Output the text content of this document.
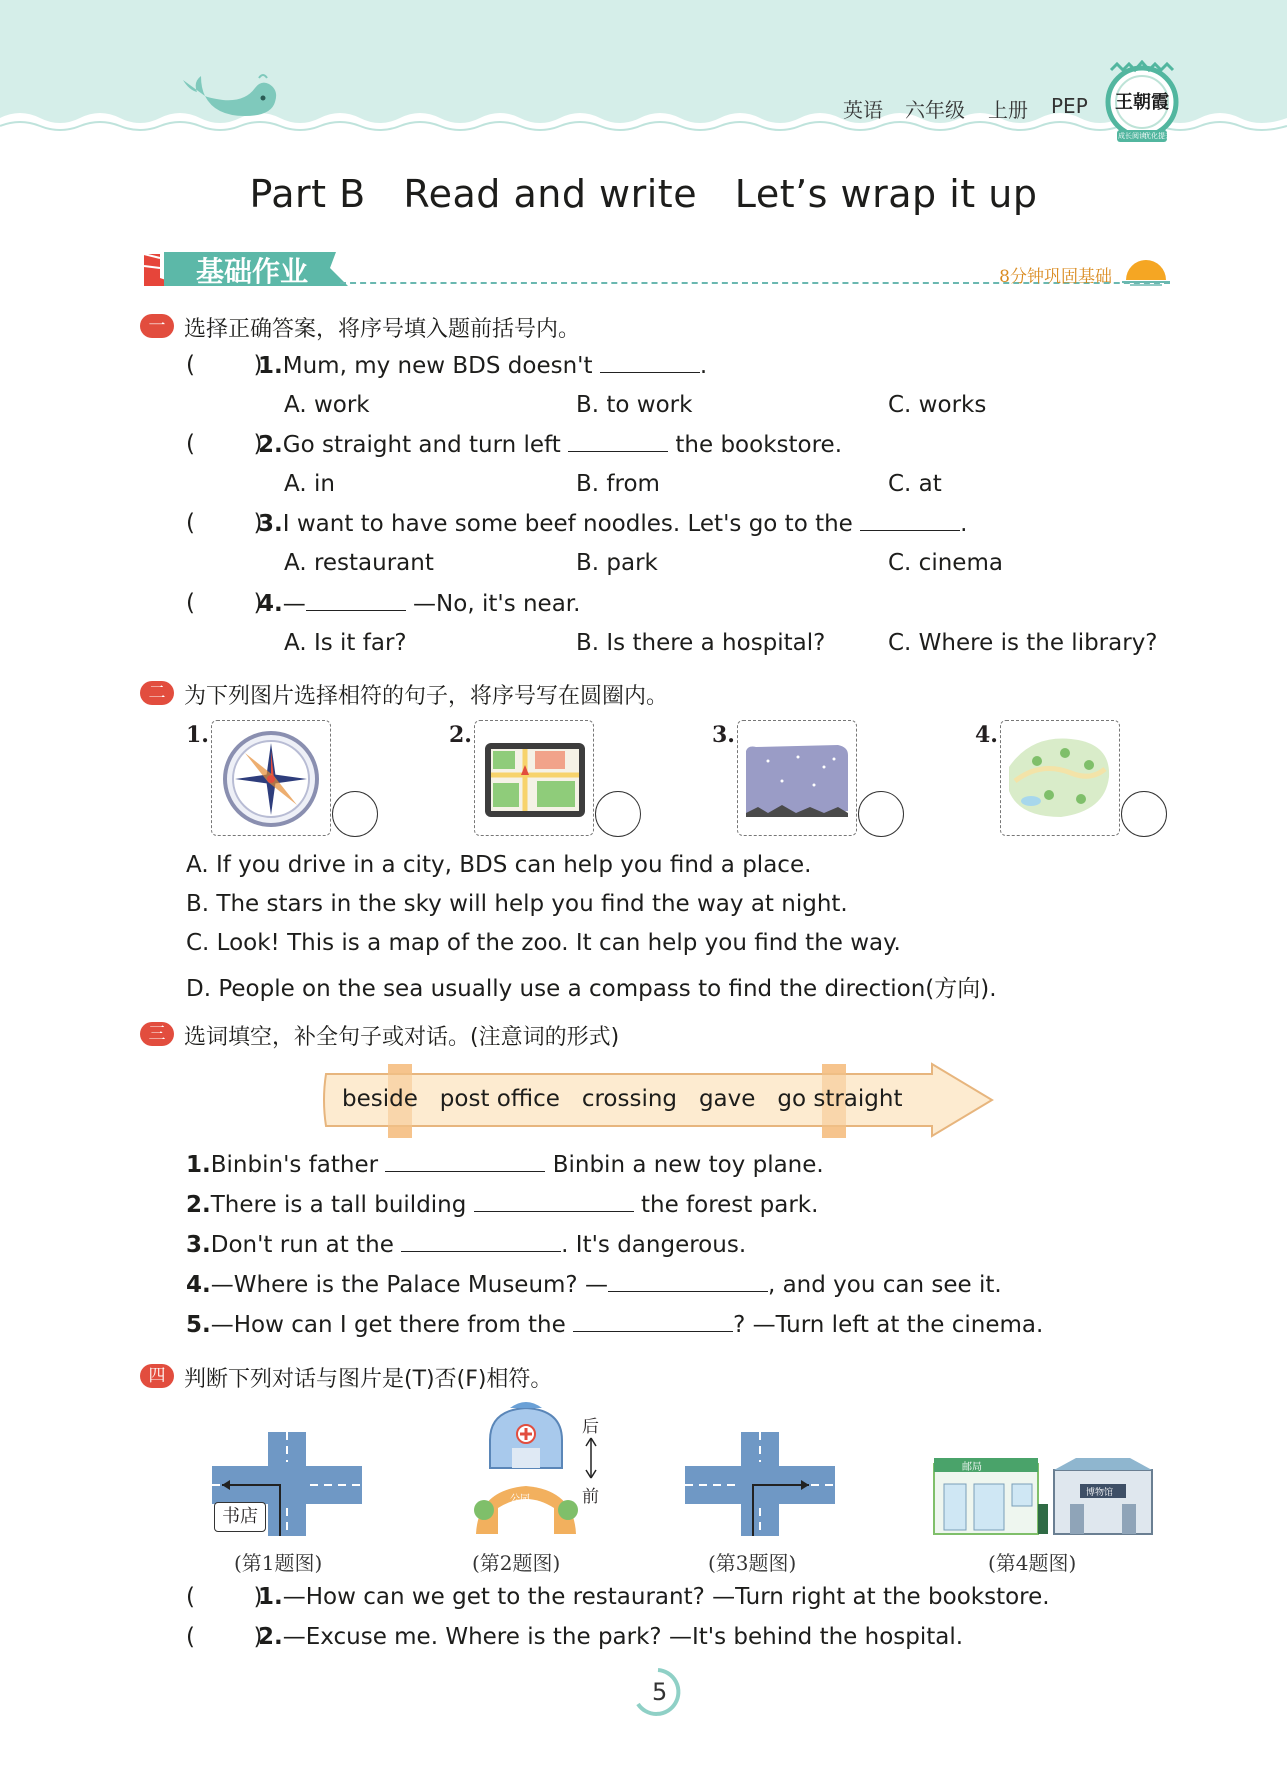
英语 六年级 上册 PEP 王朝霞
成长阅读
优化提升
Part B   Read and write   Let’s wrap it up
基础作业	8分钟巩固基础
一 选择正确答案，将序号填入题前括号内。
(        )
1.Mum, my new BDS doesn't	.
A. work	B. to work	C. works
(        )
2.Go straight and turn left	the bookstore.
A. in	B. from	C. at
(        )
3.I want to have some beef noodles. Let's go to the	.
A. restaurant	B. park	C. cinema
(        )
4.—	—No, it's near.
A. Is it far?	B. Is there a hospital?	C. Where is the library?
二 为下列图片选择相符的句子，将序号写在圆圈内。
1.	2.	3.	4.
A. If you drive in a city, BDS can help you find a place.
B. The stars in the sky will help you find the way at night.
C. Look! This is a map of the zoo. It can help you find the way.
D. People on the sea usually use a compass to find the direction(方向).
三 选词填空，补全句子或对话。(注意词的形式)
beside   post office   crossing   gave   go straight
1.Binbin's father	Binbin a new toy plane.
2.There is a tall building	the forest park.
3.Don't run at the	. It's dangerous.
4.—Where is the Palace Museum? —	, and you can see it.
5.—How can I get there from the	? —Turn left at the cinema.
四 判断下列对话与图片是(T)否(F)相符。
书店
公园
后
前
邮局
博物馆
(第1题图)	(第2题图)	(第3题图)	(第4题图)
(        )
1.—How can we get to the restaurant? —Turn right at the bookstore.
(        )
2.—Excuse me. Where is the park? —It's behind the hospital.
5
